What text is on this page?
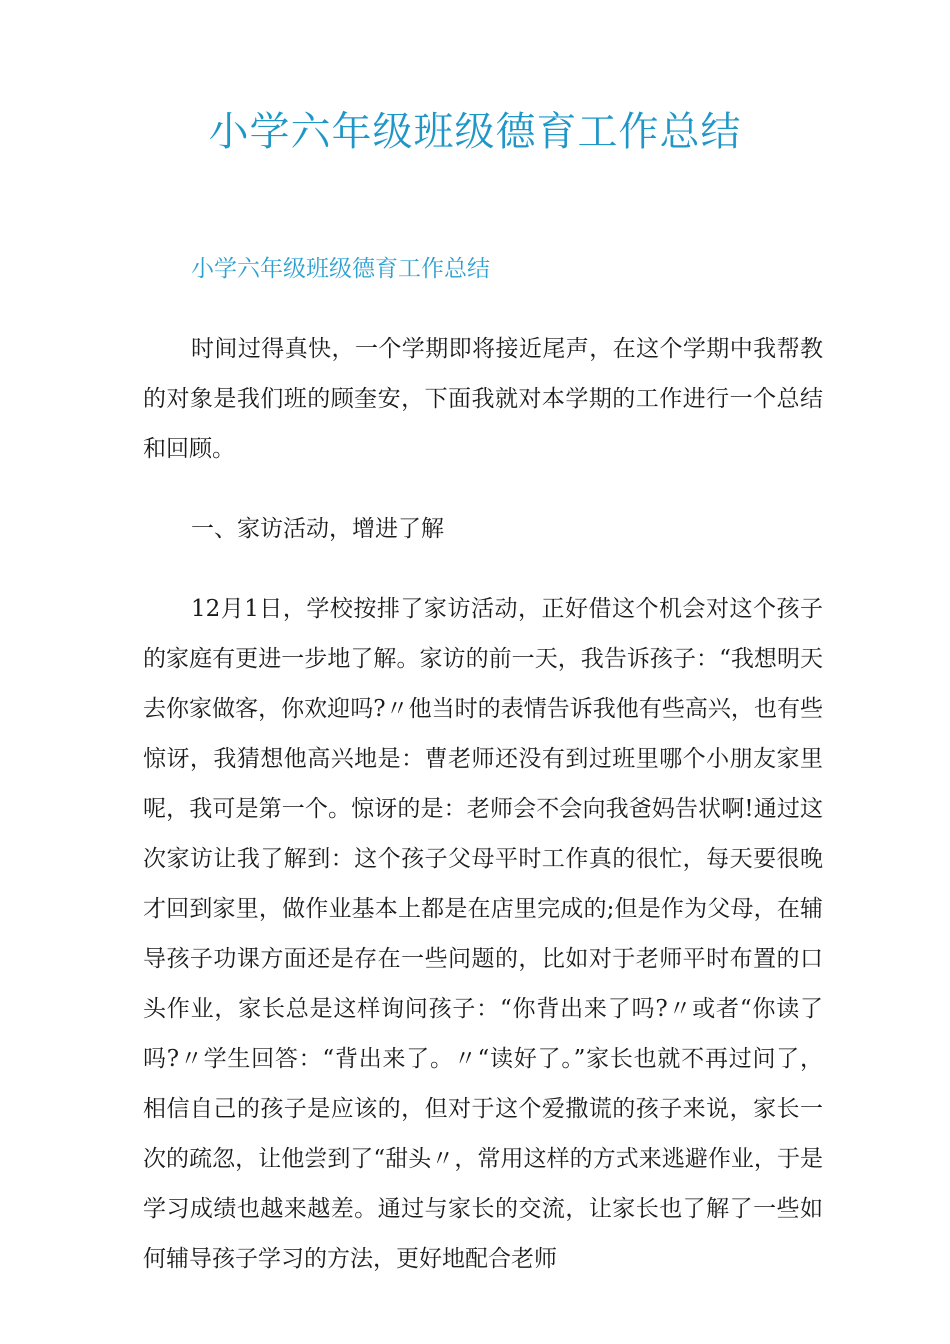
小学六年级班级德育工作总结

小学六年级班级德育工作总结

时间过得真快，一个学期即将接近尾声，在这个学期中我帮教的对象是我们班的顾奎安，下面我就对本学期的工作进行一个总结和回顾。

一、家访活动，增进了解

12月1日，学校按排了家访活动，正好借这个机会对这个孩子的家庭有更进一步地了解。家访的前一天，我告诉孩子：“我想明天去你家做客，你欢迎吗?〃他当时的表情告诉我他有些高兴，也有些惊讶，我猜想他高兴地是：曹老师还没有到过班里哪个小朋友家里呢，我可是第一个。惊讶的是：老师会不会向我爸妈告状啊!通过这次家访让我了解到：这个孩子父母平时工作真的很忙，每天要很晚才回到家里，做作业基本上都是在店里完成的;但是作为父母，在辅导孩子功课方面还是存在一些问题的，比如对于老师平时布置的口头作业，家长总是这样询问孩子：“你背出来了吗?〃或者“你读了吗?〃学生回答：“背出来了。〃“读好了。”家长也就不再过问了，相信自己的孩子是应该的，但对于这个爱撒谎的孩子来说，家长一次的疏忽，让他尝到了“甜头〃，常用这样的方式来逃避作业，于是学习成绩也越来越差。通过与家长的交流，让家长也了解了一些如何辅导孩子学习的方法，更好地配合老师
